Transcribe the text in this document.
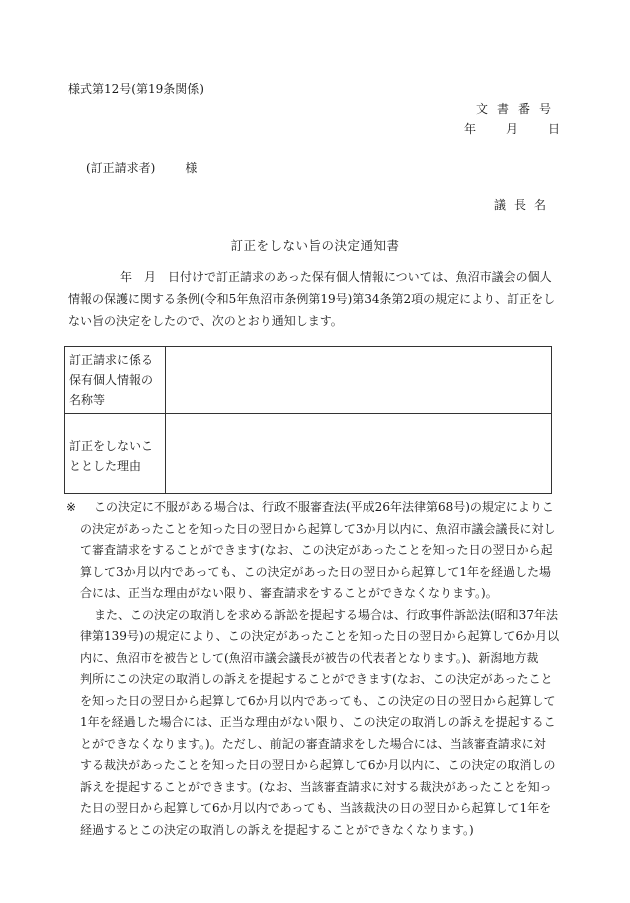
様式第12号(第19条関係)
文書番号
年	月	日
(訂正請求者)	様
議長名
訂正をしない旨の決定通知書
年　月　日付けで訂正請求のあった保有個人情報については、魚沼市議会の個人
情報の保護に関する条例(令和5年魚沼市条例第19号)第34条第2項の規定により、訂正をし
ない旨の決定をしたので、次のとおり通知します。
訂正請求に係る
保有個人情報の
名称等	

訂正をしないこ
ととした理由	

※ この決定に不服がある場合は、行政不服審査法(平成26年法律第68号)の規定によりこ
の決定があったことを知った日の翌日から起算して3か月以内に、魚沼市議会議長に対し
て審査請求をすることができます(なお、この決定があったことを知った日の翌日から起
算して3か月以内であっても、この決定があった日の翌日から起算して1年を経過した場
合には、正当な理由がない限り、審査請求をすることができなくなります。)。
また、この決定の取消しを求める訴訟を提起する場合は、行政事件訴訟法(昭和37年法
律第139号)の規定により、この決定があったことを知った日の翌日から起算して6か月以
内に、魚沼市を被告として(魚沼市議会議長が被告の代表者となります。)、新潟地方裁
判所にこの決定の取消しの訴えを提起することができます(なお、この決定があったこと
を知った日の翌日から起算して6か月以内であっても、この決定の日の翌日から起算して
1年を経過した場合には、正当な理由がない限り、この決定の取消しの訴えを提起するこ
とができなくなります。)。ただし、前記の審査請求をした場合には、当該審査請求に対
する裁決があったことを知った日の翌日から起算して6か月以内に、この決定の取消しの
訴えを提起することができます。(なお、当該審査請求に対する裁決があったことを知っ
た日の翌日から起算して6か月以内であっても、当該裁決の日の翌日から起算して1年を
経過するとこの決定の取消しの訴えを提起することができなくなります。)
